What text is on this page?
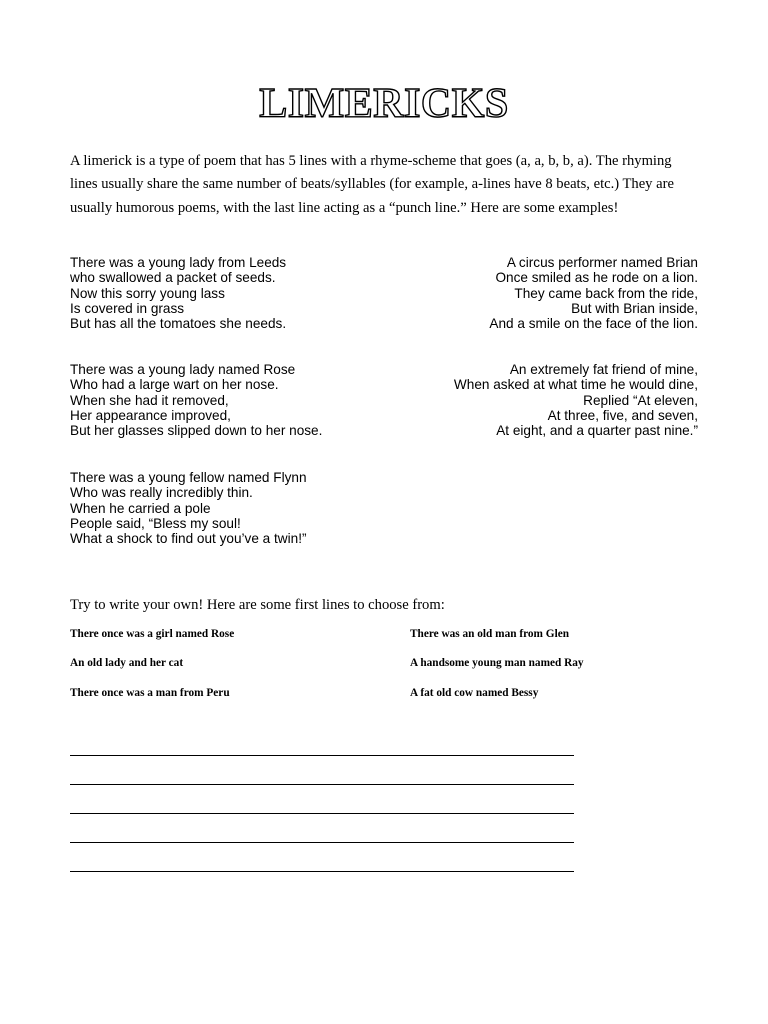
LIMERICKS

A limerick is a type of poem that has 5 lines with a rhyme-scheme that goes (a, a, b, b, a). The rhyming lines usually share the same number of beats/syllables (for example, a-lines have 8 beats, etc.) They are usually humorous poems, with the last line acting as a “punch line.” Here are some examples!

There was a young lady from Leeds
who swallowed a packet of seeds.
Now this sorry young lass
Is covered in grass
But has all the tomatoes she needs.
A circus performer named Brian
Once smiled as he rode on a lion.
They came back from the ride,
But with Brian inside,
And a smile on the face of the lion.
There was a young lady named Rose
Who had a large wart on her nose.
When she had it removed,
Her appearance improved,
But her glasses slipped down to her nose.
An extremely fat friend of mine,
When asked at what time he would dine,
Replied “At eleven,
At three, five, and seven,
At eight, and a quarter past nine.”
There was a young fellow named Flynn
Who was really incredibly thin.
When he carried a pole
People said, “Bless my soul!
What a shock to find out you’ve a twin!”

Try to write your own! Here are some first lines to choose from:

There once was a girl named Rose	There was an old man from Glen
An old lady and her cat	A handsome young man named Ray
There once was a man from Peru	A fat old cow named Bessy
